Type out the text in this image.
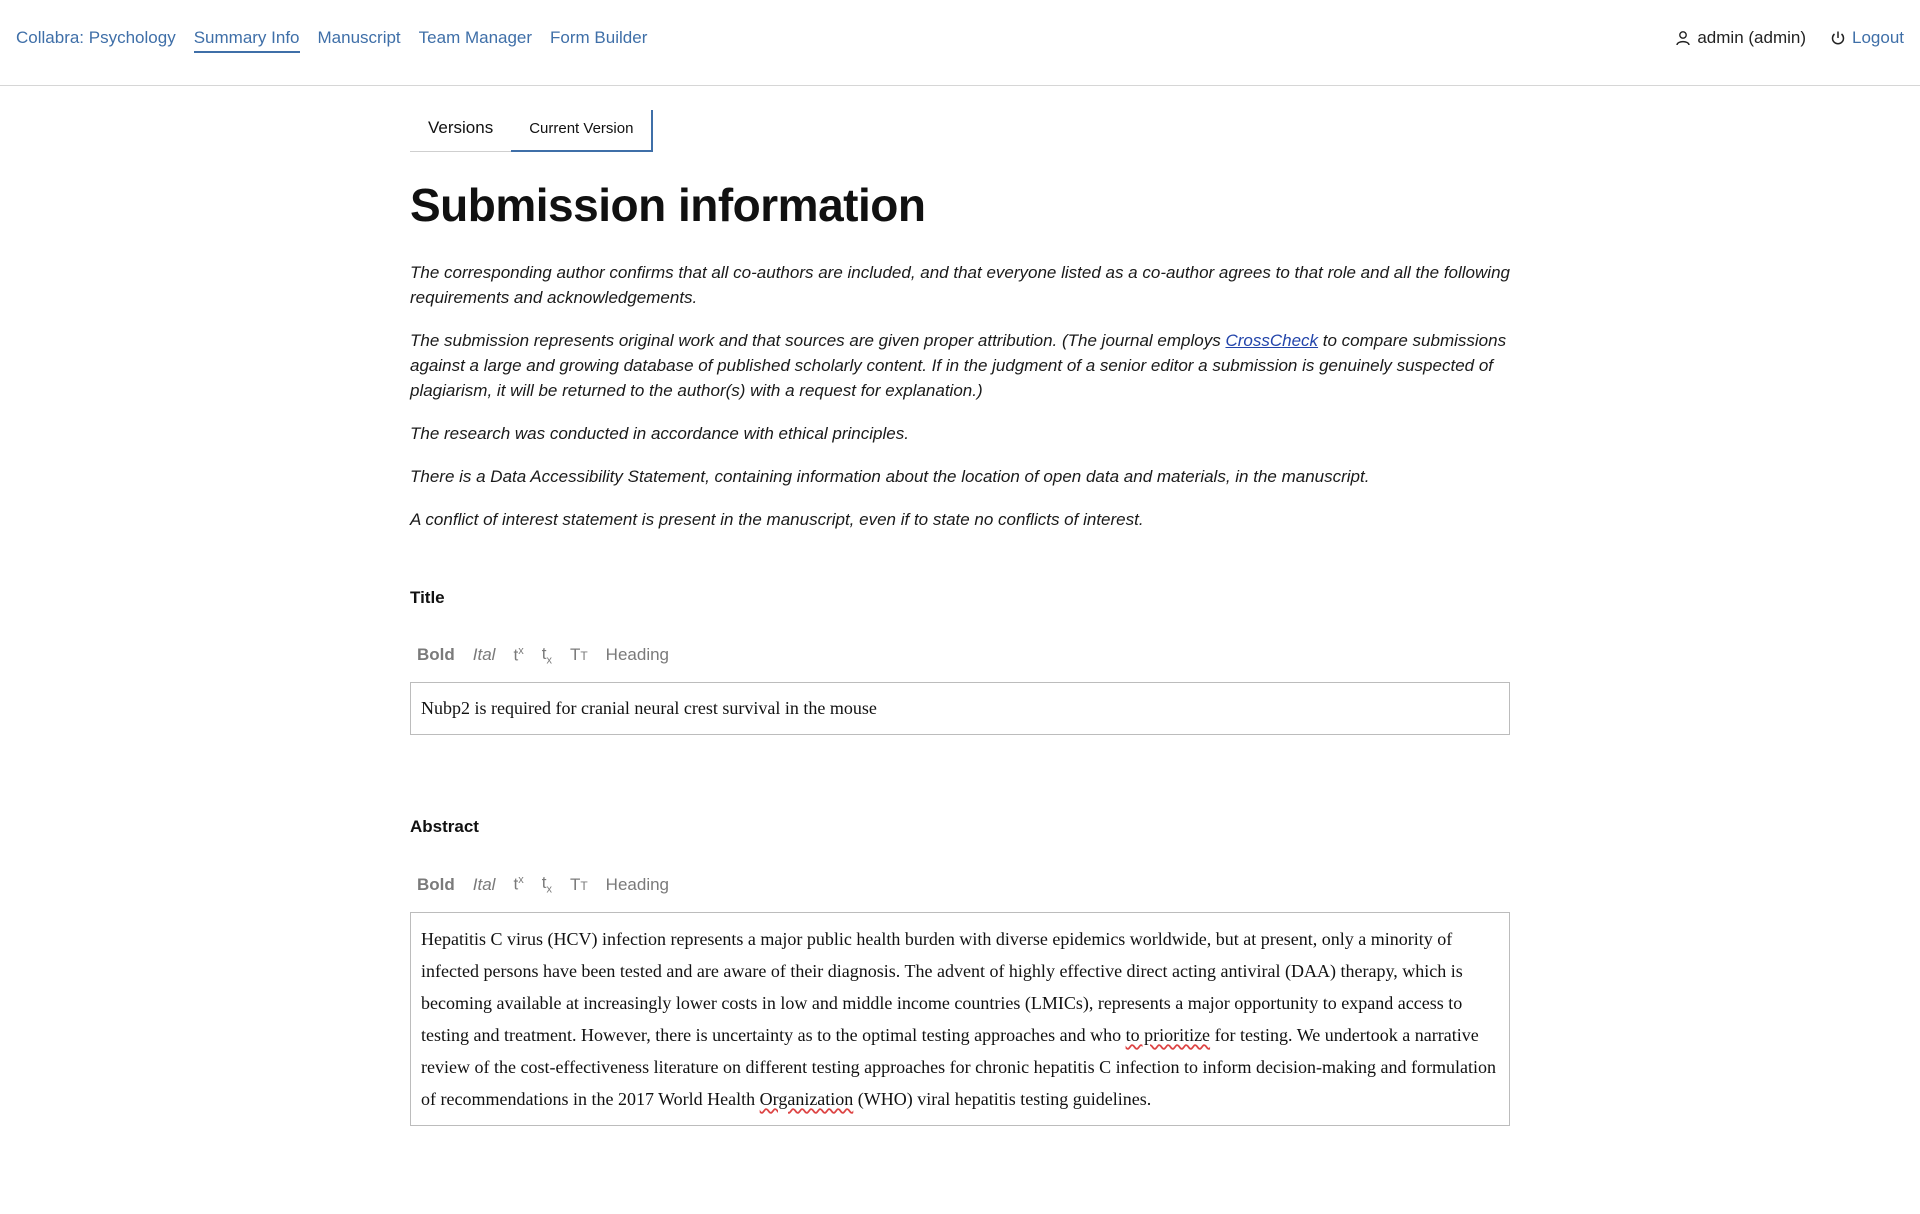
Collabra: Psychology Summary Info Manuscript Team Manager Form Builder	admin (admin)	Logout
Versions	Current Version
Submission information

The corresponding author confirms that all co-authors are included, and that everyone listed as a co-author agrees to that role and all the following requirements and acknowledgements.

The submission represents original work and that sources are given proper attribution. (The journal employs CrossCheck to compare submissions against a large and growing database of published scholarly content. If in the judgment of a senior editor a submission is genuinely suspected of plagiarism, it will be returned to the author(s) with a request for explanation.)

The research was conducted in accordance with ethical principles.

There is a Data Accessibility Statement, containing information about the location of open data and materials, in the manuscript.

A conflict of interest statement is present in the manuscript, even if to state no conflicts of interest.

Title
Bold Ital $t^x$ $t_x$ TT Heading
Nubp2 is required for cranial neural crest survival in the mouse
Abstract
Bold Ital $t^x$ $t_x$ TT Heading
Hepatitis C virus (HCV) infection represents a major public health burden with diverse epidemics worldwide, but at present, only a minority of infected persons have been tested and are aware of their diagnosis. The advent of highly effective direct acting antiviral (DAA) therapy, which is becoming available at increasingly lower costs in low and middle income countries (LMICs), represents a major opportunity to expand access to testing and treatment. However, there is uncertainty as to the optimal testing approaches and who to prioritize for testing. We undertook a narrative review of the cost-effectiveness literature on different testing approaches for chronic hepatitis C infection to inform decision-making and formulation of recommendations in the 2017 World Health Organization (WHO) viral hepatitis testing guidelines.
